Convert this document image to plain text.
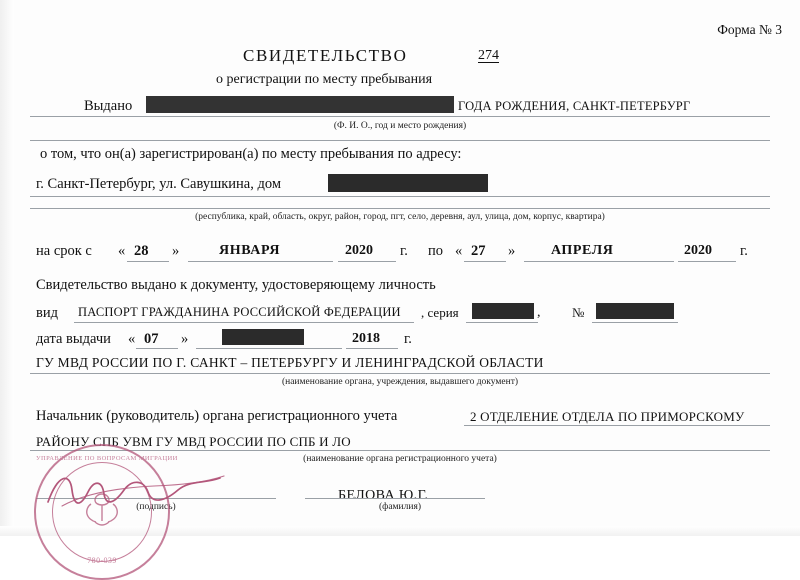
Форма № 3
СВИДЕТЕЛЬСТВО	274
о регистрации по месту пребывания
Выдано	ГОДА РОЖДЕНИЯ, САНКТ-ПЕТЕРБУРГ
(Ф. И. О., год и место рождения)
о том, что он(а) зарегистрирован(а) по месту пребывания по адресу:
г. Санкт-Петербург, ул. Савушкина, дом
(республика, край, область, округ, район, город, пгт, село, деревня, аул, улица, дом, корпус, квартира)
на срок с « 28 »	ЯНВАРЯ	2020 г. по « 27 »	АПРЕЛЯ	2020 г.
Свидетельство выдано к документу, удостоверяющему личность
вид ПАСПОРТ ГРАЖДАНИНА РОССИЙСКОЙ ФЕДЕРАЦИИ , серия	, №
дата выдачи « 07 »	2018 г.
ГУ МВД РОССИИ ПО Г. САНКТ – ПЕТЕРБУРГУ И ЛЕНИНГРАДСКОЙ ОБЛАСТИ
(наименование органа, учреждения, выдавшего документ)
Начальник (руководитель) органа регистрационного учета	2 ОТДЕЛЕНИЕ ОТДЕЛА ПО ПРИМОРСКОМУ
РАЙОНУ СПБ УВМ ГУ МВД РОССИИ ПО СПБ И ЛО
(наименование органа регистрационного учета)
(подпись)
БЕЛОВА Ю.Г.
(фамилия)
УПРАВЛЕНИЕ ПО ВОПРОСАМ МИГРАЦИИ
780-039
